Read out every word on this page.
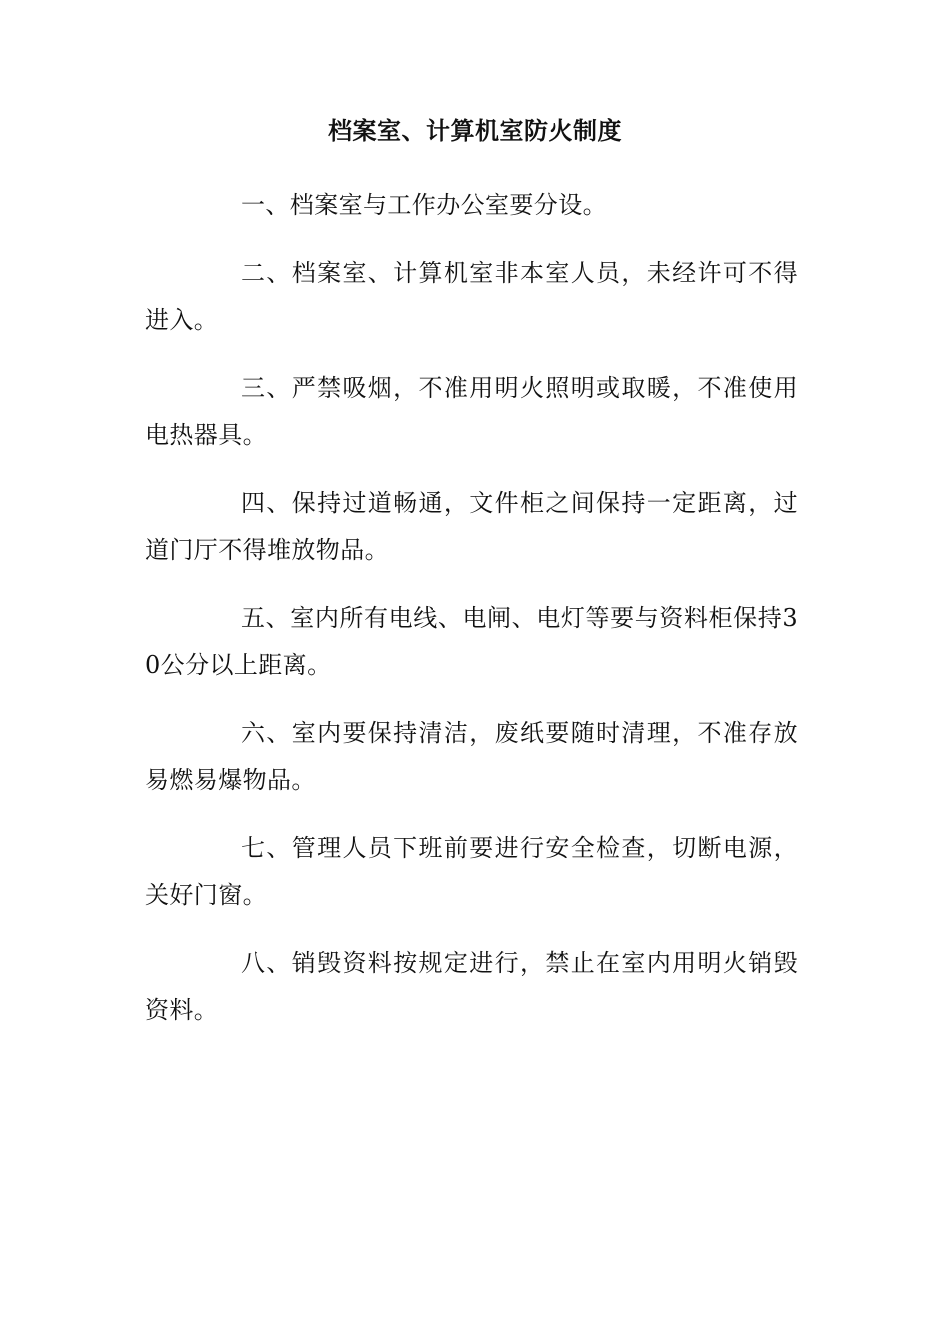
档案室、计算机室防火制度

一、档案室与工作办公室要分设。

二、档案室、计算机室非本室人员，未经许可不得进入。

三、严禁吸烟，不准用明火照明或取暖，不准使用电热器具。

四、保持过道畅通，文件柜之间保持一定距离，过道门厅不得堆放物品。

五、室内所有电线、电闸、电灯等要与资料柜保持30公分以上距离。

六、室内要保持清洁，废纸要随时清理，不准存放易燃易爆物品。

七、管理人员下班前要进行安全检查，切断电源，关好门窗。

八、销毁资料按规定进行，禁止在室内用明火销毁资料。
